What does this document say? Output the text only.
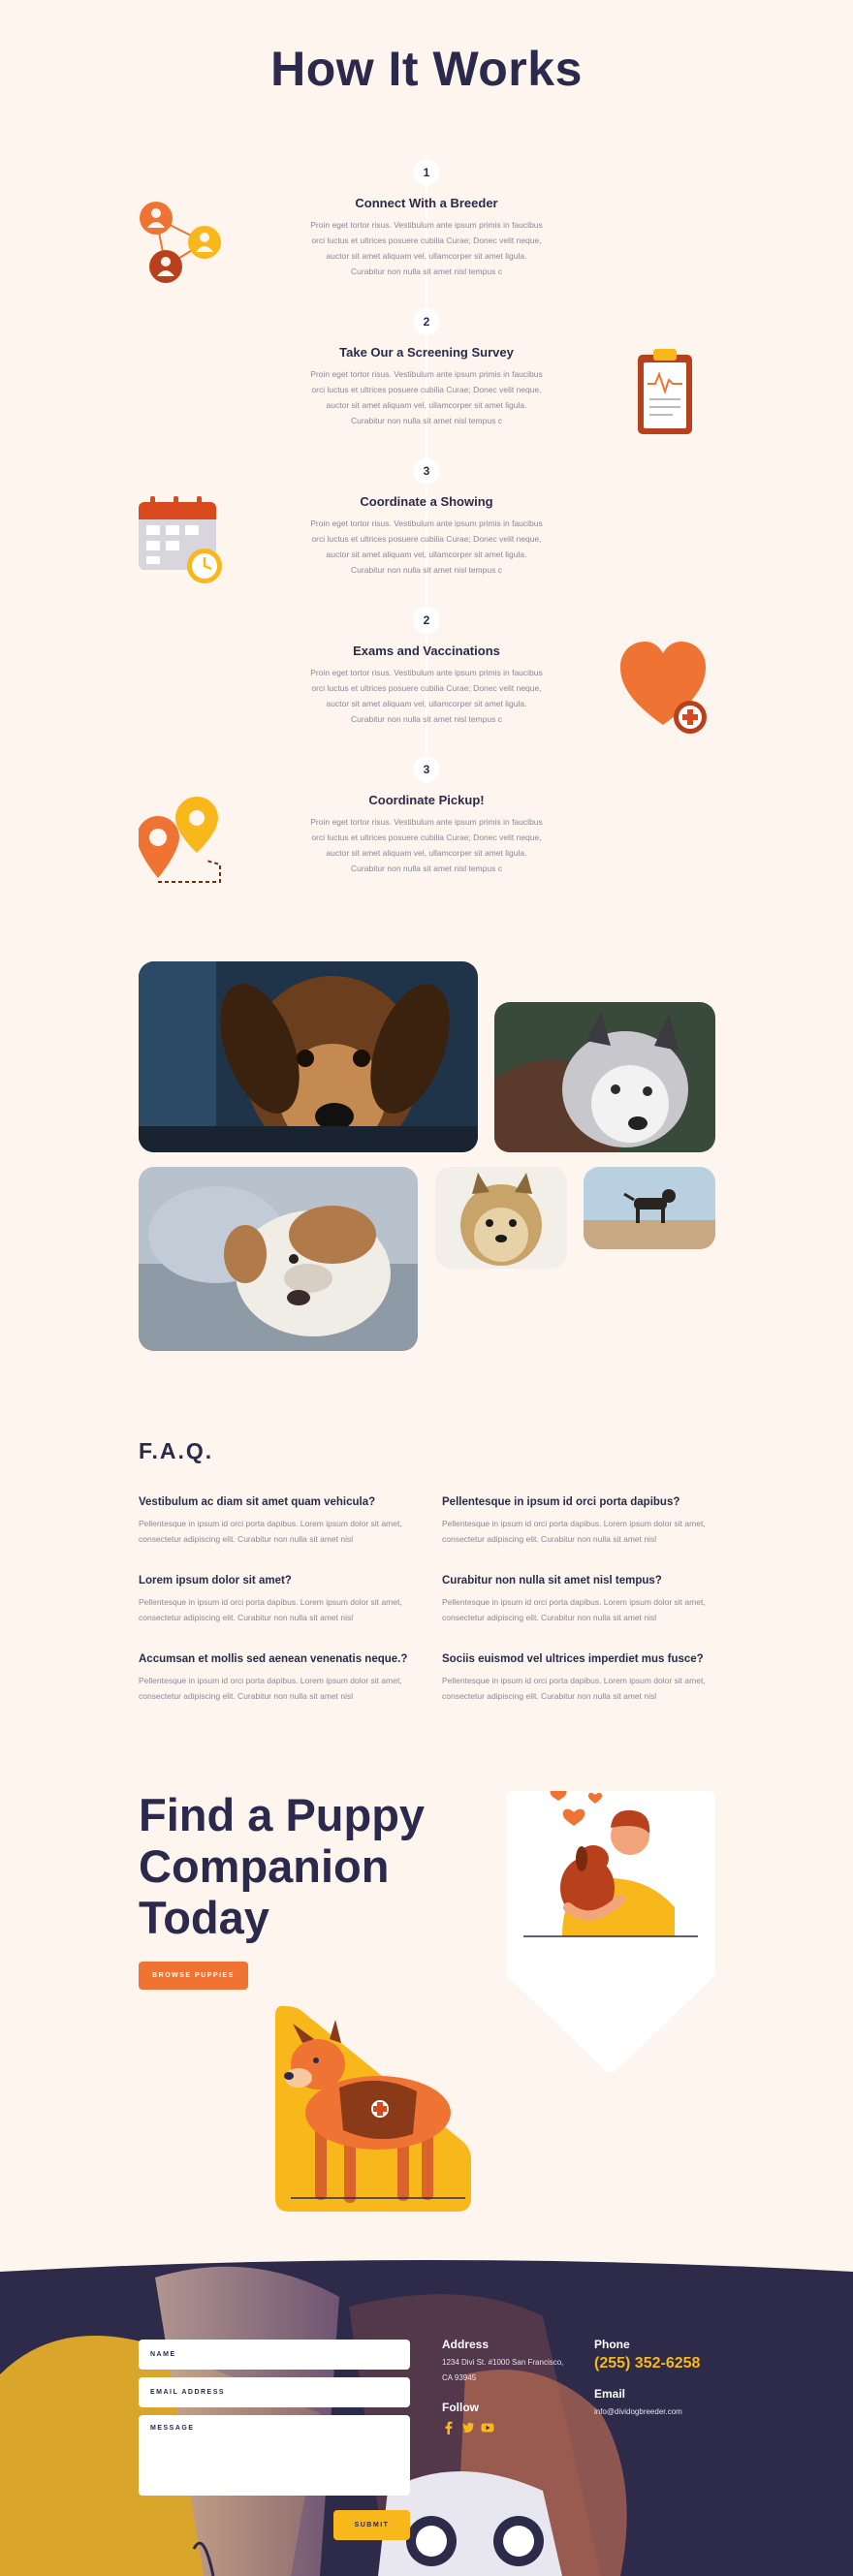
How It Works
1
Connect With a Breeder
Proin eget tortor risus. Vestibulum ante ipsum primis in faucibus orci luctus et ultrices posuere cubilia Curae; Donec velit neque, auctor sit amet aliquam vel, ullamcorper sit amet ligula. Curabitur non nulla sit amet nisl tempus c
2
Take Our a Screening Survey
Proin eget tortor risus. Vestibulum ante ipsum primis in faucibus orci luctus et ultrices posuere cubilia Curae; Donec velit neque, auctor sit amet aliquam vel, ullamcorper sit amet ligula. Curabitur non nulla sit amet nisl tempus c
3
Coordinate a Showing
Proin eget tortor risus. Vestibulum ante ipsum primis in faucibus orci luctus et ultrices posuere cubilia Curae; Donec velit neque, auctor sit amet aliquam vel, ullamcorper sit amet ligula. Curabitur non nulla sit amet nisl tempus c
2
Exams and Vaccinations
Proin eget tortor risus. Vestibulum ante ipsum primis in faucibus orci luctus et ultrices posuere cubilia Curae; Donec velit neque, auctor sit amet aliquam vel, ullamcorper sit amet ligula. Curabitur non nulla sit amet nisl tempus c
3
Coordinate Pickup!
Proin eget tortor risus. Vestibulum ante ipsum primis in faucibus orci luctus et ultrices posuere cubilia Curae; Donec velit neque, auctor sit amet aliquam vel, ullamcorper sit amet ligula. Curabitur non nulla sit amet nisl tempus c
F.A.Q.
Vestibulum ac diam sit amet quam vehicula?
Pellentesque in ipsum id orci porta dapibus. Lorem ipsum dolor sit amet, consectetur adipiscing elit. Curabitur non nulla sit amet nisl
Pellentesque in ipsum id orci porta dapibus?
Pellentesque in ipsum id orci porta dapibus. Lorem ipsum dolor sit amet, consectetur adipiscing elit. Curabitur non nulla sit amet nisl
Lorem ipsum dolor sit amet?
Pellentesque in ipsum id orci porta dapibus. Lorem ipsum dolor sit amet, consectetur adipiscing elit. Curabitur non nulla sit amet nisl
Curabitur non nulla sit amet nisl tempus?
Pellentesque in ipsum id orci porta dapibus. Lorem ipsum dolor sit amet, consectetur adipiscing elit. Curabitur non nulla sit amet nisl
Accumsan et mollis sed aenean venenatis neque.?
Pellentesque in ipsum id orci porta dapibus. Lorem ipsum dolor sit amet, consectetur adipiscing elit. Curabitur non nulla sit amet nisl
Sociis euismod vel ultrices imperdiet mus fusce?
Pellentesque in ipsum id orci porta dapibus. Lorem ipsum dolor sit amet, consectetur adipiscing elit. Curabitur non nulla sit amet nisl
Find a Puppy Companion Today
BROWSE PUPPIES
NAME
EMAIL ADDRESS
MESSAGE
SUBMIT
Address
1234 Divi St. #1000 San Francisco, CA 93945
Follow
Phone
(255) 352-6258
Email
info@dividogbreeder.com
